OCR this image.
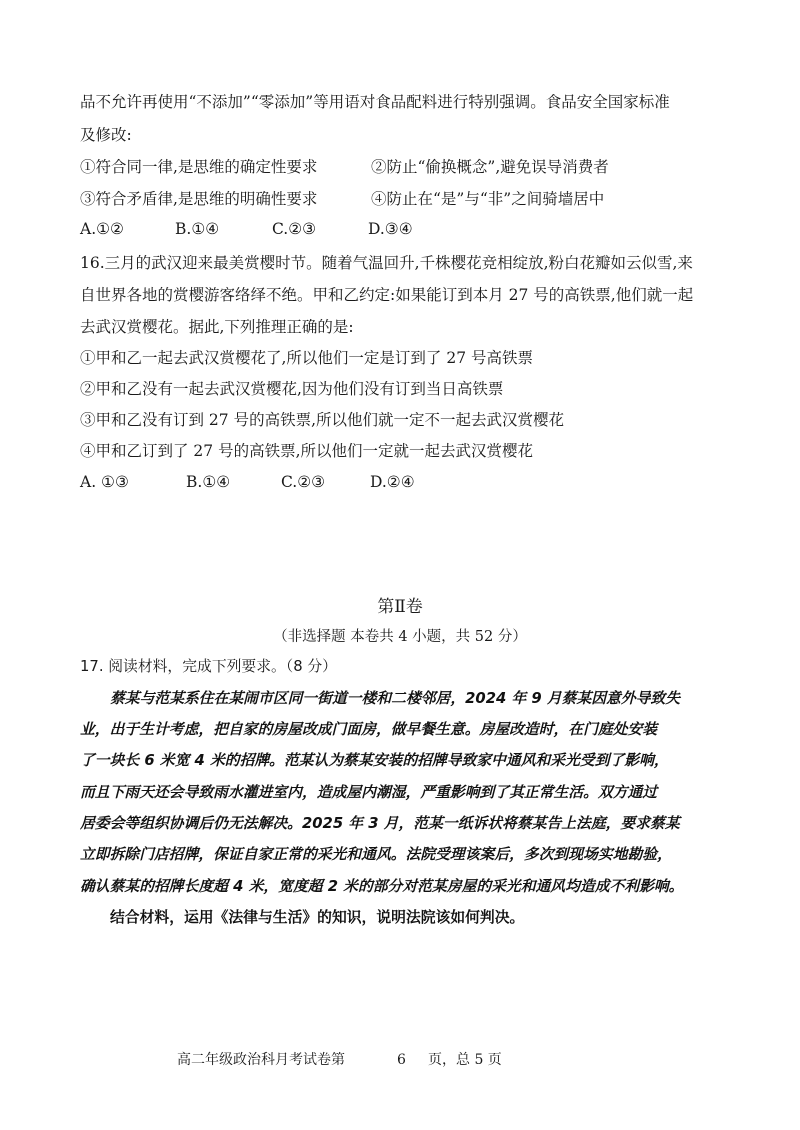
品不允许再使用“不添加”“零添加”等用语对食品配料进行特别强调。食品安全国家标准
及修改:
①符合同一律,是思维的确定性要求	②防止“偷换概念”,避免误导消费者
③符合矛盾律,是思维的明确性要求	④防止在“是”与“非”之间骑墙居中
A.①②	B.①④	C.②③	D.③④
16.三月的武汉迎来最美赏樱时节。随着气温回升,千株樱花竞相绽放,粉白花瓣如云似雪,来
自世界各地的赏樱游客络绎不绝。甲和乙约定:如果能订到本月 27 号的高铁票,他们就一起
去武汉赏樱花。据此,下列推理正确的是:
①甲和乙一起去武汉赏樱花了,所以他们一定是订到了 27 号高铁票
②甲和乙没有一起去武汉赏樱花,因为他们没有订到当日高铁票
③甲和乙没有订到 27 号的高铁票,所以他们就一定不一起去武汉赏樱花
④甲和乙订到了 27 号的高铁票,所以他们一定就一起去武汉赏樱花
A. ①③	B.①④	C.②③	D.②④
第Ⅱ卷
（非选择题 本卷共 4 小题，共 52 分）
17. 阅读材料，完成下列要求。（8 分）
蔡某与范某系住在某闹市区同一街道一楼和二楼邻居，2024 年 9 月蔡某因意外导致失
业，出于生计考虑，把自家的房屋改成门面房，做早餐生意。房屋改造时，在门庭处安装
了一块长 6 米宽 4 米的招牌。范某认为蔡某安装的招牌导致家中通风和采光受到了影响，
而且下雨天还会导致雨水灌进室内，造成屋内潮湿，严重影响到了其正常生活。双方通过
居委会等组织协调后仍无法解决。2025 年 3 月，范某一纸诉状将蔡某告上法庭，要求蔡某
立即拆除门店招牌，保证自家正常的采光和通风。法院受理该案后，多次到现场实地勘验，
确认蔡某的招牌长度超 4 米，宽度超 2 米的部分对范某房屋的采光和通风均造成不利影响。
结合材料，运用《法律与生活》的知识，说明法院该如何判决。
高二年级政治科月考试卷第	6 页，总 5 页
